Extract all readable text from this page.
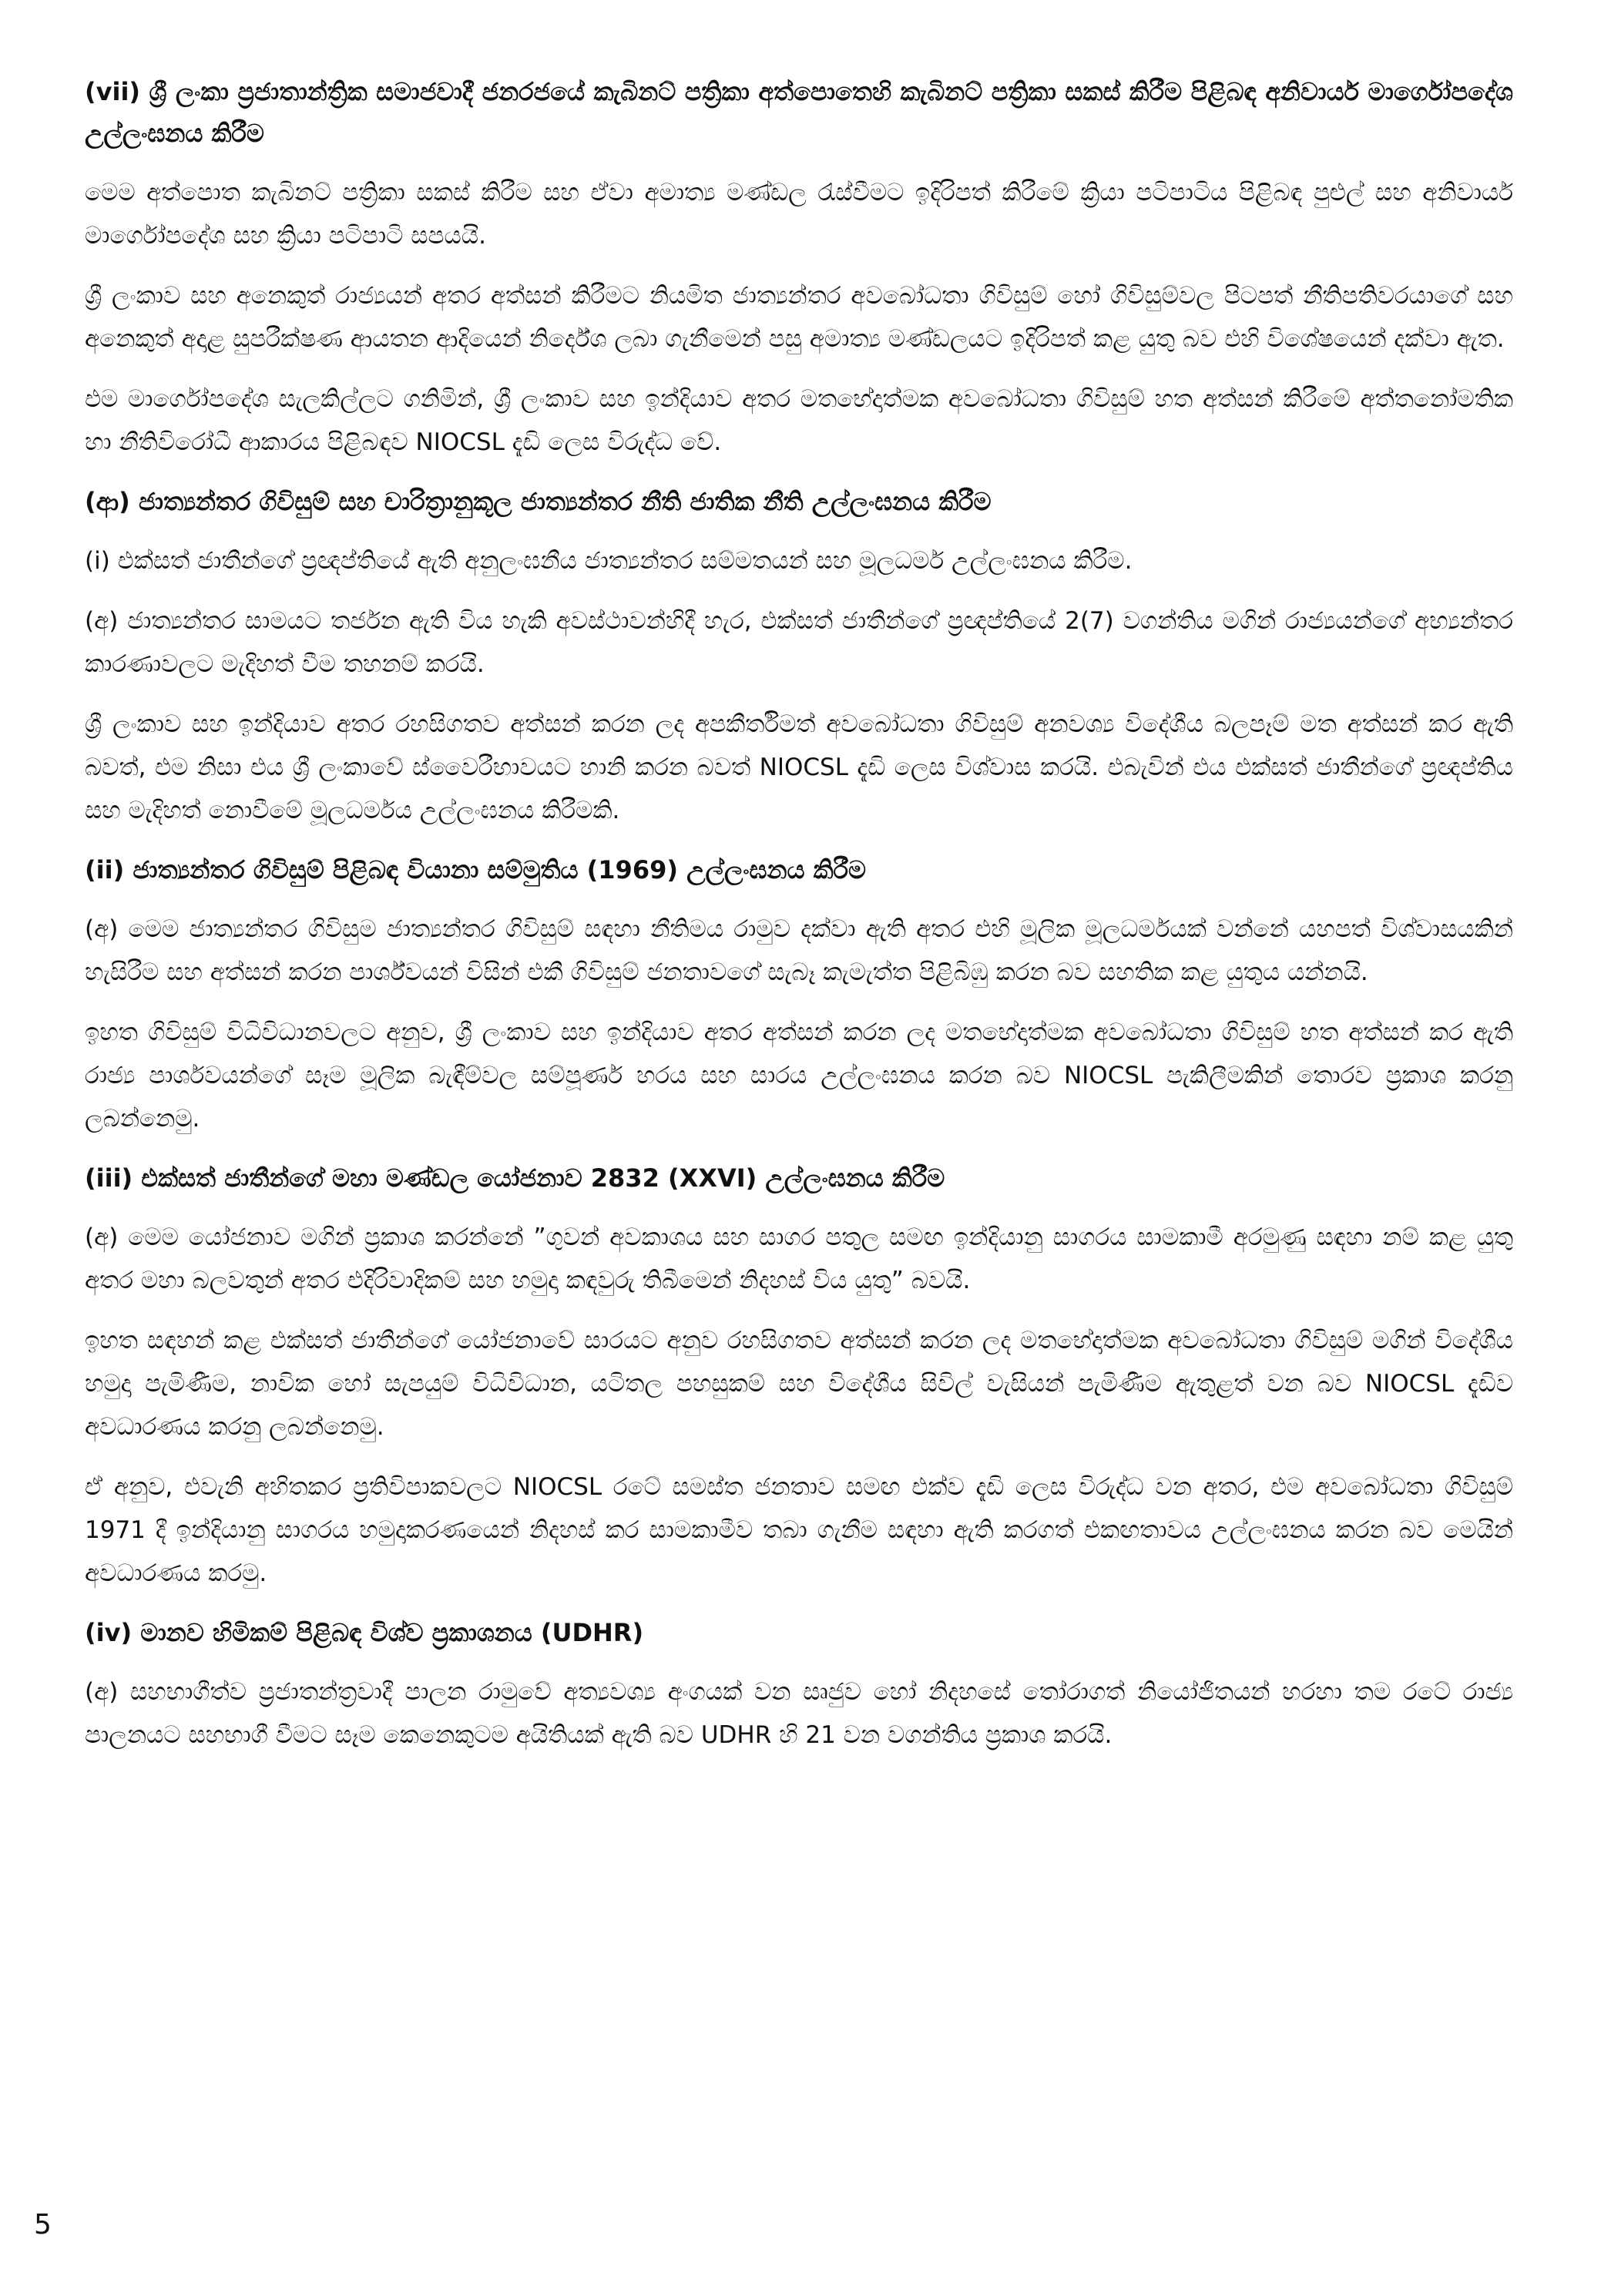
(vii) ශ්‍රී ලංකා ප්‍රජාතාන්ත්‍රික සමාජවාදී ජනරජයේ කැබිනට් පත්‍රිකා අත්පොතෙහි කැබිනට් පත්‍රිකා සකස් කිරීම පිළිබඳ අනිවාර්ය මාර්ගෝපදේශ උල්ලංඝනය කිරීම

මෙම අත්පොත කැබිනට් පත්‍රිකා සකස් කිරීම සහ ඒවා අමාත්‍ය මණ්ඩල රැස්වීමට ඉදිරිපත් කිරීමේ ක්‍රියා පටිපාටිය පිළිබඳ පුළුල් සහ අනිවාර්ය මාර්ගෝපදේශ සහ ක්‍රියා පටිපාටි සපයයි.

ශ්‍රී ලංකාව සහ අනෙකුත් රාජ්‍යයන් අතර අත්සන් කිරීමට නියමිත ජාත්‍යන්තර අවබෝධතා ගිවිසුම් හෝ ගිවිසුම්වල පිටපත් නීතිපතිවරයාගේ සහ අනෙකුත් අදාළ සුපරීක්ෂණ ආයතන ආදියෙන් නිර්දේශ ලබා ගැනීමෙන් පසු අමාත්‍ය මණ්ඩලයට ඉදිරිපත් කළ යුතු බව එහි විශේෂයෙන් දක්වා ඇත.

එම මාර්ගෝපදේශ සැලකිල්ලට ගනිමින්, ශ්‍රී ලංකාව සහ ඉන්දියාව අතර මතභේදාත්මක අවබෝධතා ගිවිසුම් හත අත්සන් කිරීමේ අත්තනෝමතික හා නීතිවිරෝධී ආකාරය පිළිබඳව NIOCSL දැඩි ලෙස විරුද්ධ වේ.

(ආ) ජාත්‍යන්තර ගිවිසුම් සහ චාරිත්‍රානුකූල ජාත්‍යන්තර නීති ජාතික නීති උල්ලංඝනය කිරීම

(i) එක්සත් ජාතීන්ගේ ප්‍රඥප්තියේ ඇති අනුලංඝනීය ජාත්‍යන්තර සම්මතයන් සහ මූලධර්ම උල්ලංඝනය කිරීම.

(අ) ජාත්‍යන්තර සාමයට තර්ජන ඇති විය හැකි අවස්ථාවන්හිදී හැර, එක්සත් ජාතීන්ගේ ප්‍රඥප්තියේ 2(7) වගන්තිය මගින් රාජ්‍යයන්ගේ අභ්‍යන්තර කාරණාවලට මැදිහත් වීම තහනම් කරයි.

ශ්‍රී ලංකාව සහ ඉන්දියාව අතර රහසිගතව අත්සන් කරන ලද අපකීර්තිමත් අවබෝධතා ගිවිසුම් අනවශ්‍ය විදේශීය බලපෑම් මත අත්සන් කර ඇති බවත්, එම නිසා එය ශ්‍රී ලංකාවේ ස්වෛරීභාවයට හානි කරන බවත් NIOCSL දැඩි ලෙස විශ්වාස කරයි. එබැවින් එය එක්සත් ජාතීන්ගේ ප්‍රඥප්තිය සහ මැදිහත් නොවීමේ මූලධර්මය උල්ලංඝනය කිරීමකි.

(ii) ජාත්‍යන්තර ගිවිසුම් පිළිබඳ වියානා සම්මුතිය (1969) උල්ලංඝනය කිරීම

(අ) මෙම ජාත්‍යන්තර ගිවිසුම ජාත්‍යන්තර ගිවිසුම් සඳහා නීතිමය රාමුව දක්වා ඇති අතර එහි මූලික මූලධර්මයක් වන්නේ යහපත් විශ්වාසයකින් හැසිරීම සහ අත්සන් කරන පාර්ශ්වයන් විසින් එකී ගිවිසුම් ජනතාවගේ සැබෑ කැමැත්ත පිළිබිඹු කරන බව සහතික කළ යුතුය යන්නයි.

ඉහත ගිවිසුම් විධිවිධානවලට අනුව, ශ්‍රී ලංකාව සහ ඉන්දියාව අතර අත්සන් කරන ලද මතභේදාත්මක අවබෝධතා ගිවිසුම් හත අත්සන් කර ඇති රාජ්‍ය පාර්ශවයන්ගේ සෑම මූලික බැඳීම්වල සම්පූර්ණ හරය සහ සාරය උල්ලංඝනය කරන බව NIOCSL පැකිලීමකින් තොරව ප්‍රකාශ කරනු ලබන්නෙමු.

(iii) එක්සත් ජාතීන්ගේ මහා මණ්ඩල යෝජනාව 2832 (XXVI) උල්ලංඝනය කිරීම

(අ) මෙම යෝජනාව මගින් ප්‍රකාශ කරන්නේ ”ගුවන් අවකාශය සහ සාගර පතුල සමඟ ඉන්දියානු සාගරය සාමකාමී අරමුණු සඳහා නම් කළ යුතු අතර මහා බලවතුන් අතර එදිරිවාදිකම් සහ හමුදා කඳවුරු තිබීමෙන් නිදහස් විය යුතු” බවයි.

ඉහත සඳහන් කළ එක්සත් ජාතීන්ගේ යෝජනාවේ සාරයට අනුව රහසිගතව අත්සන් කරන ලද මතභේදාත්මක අවබෝධතා ගිවිසුම් මගින් විදේශීය හමුදා පැමිණීම, නාවික හෝ සැපයුම් විධිවිධාන, යටිතල පහසුකම් සහ විදේශීය සිවිල් වැසියන් පැමිණීම ඇතුළත් වන බව NIOCSL දැඩිව අවධාරණය කරනු ලබන්නෙමු.

ඒ අනුව, එවැනි අහිතකර ප්‍රතිවිපාකවලට NIOCSL රටේ සමස්ත ජනතාව සමඟ එක්ව දැඩි ලෙස විරුද්ධ වන අතර, එම අවබෝධතා ගිවිසුම් 1971 දී ඉන්දියානු සාගරය හමුදාකරණයෙන් නිදහස් කර සාමකාමීව තබා ගැනීම සඳහා ඇති කරගත් එකඟතාවය උල්ලංඝනය කරන බව මෙයින් අවධාරණය කරමු.

(iv) මානව හිමිකම් පිළිබඳ විශ්ව ප්‍රකාශනය (UDHR)

(අ) සහභාගීත්ව ප්‍රජාතන්ත්‍රවාදී පාලන රාමුවේ අත්‍යවශ්‍ය අංගයක් වන සෘජුව හෝ නිදහසේ තෝරාගත් නියෝජිතයන් හරහා තම රටේ රාජ්‍ය පාලනයට සහභාගී වීමට සෑම කෙනෙකුටම අයිතියක් ඇති බව UDHR හි 21 වන වගන්තිය ප්‍රකාශ කරයි.

5
